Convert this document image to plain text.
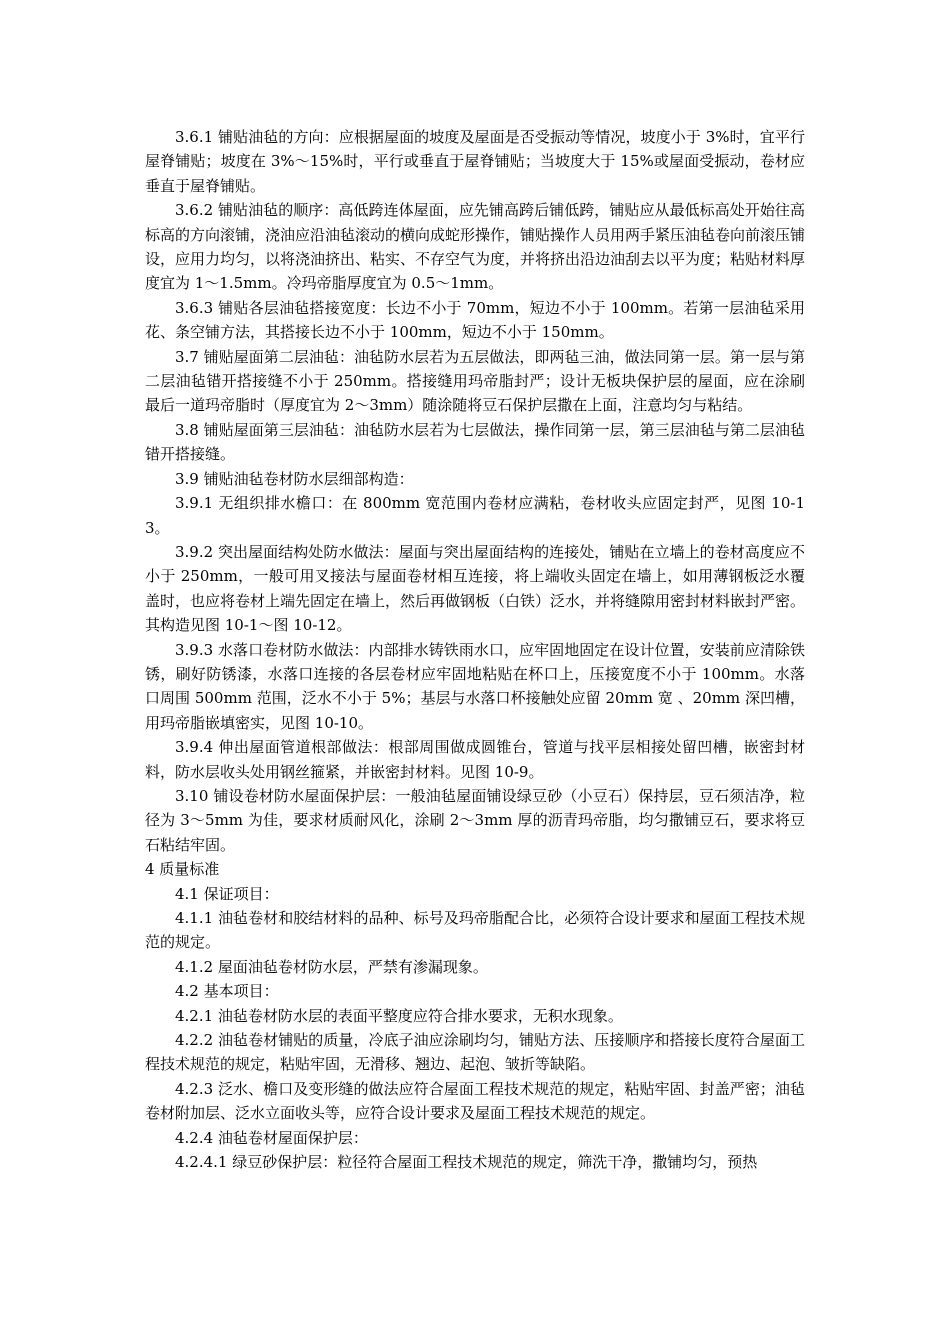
3.6.1 铺贴油毡的方向：应根据屋面的坡度及屋面是否受振动等情况，坡度小于 3%时，宜平行屋脊铺贴；坡度在 3%～15%时，平行或垂直于屋脊铺贴；当坡度大于 15%或屋面受振动，卷材应垂直于屋脊铺贴。

3.6.2 铺贴油毡的顺序：高低跨连体屋面，应先铺高跨后铺低跨，铺贴应从最低标高处开始往高标高的方向滚铺，浇油应沿油毡滚动的横向成蛇形操作，铺贴操作人员用两手紧压油毡卷向前滚压铺设，应用力均匀，以将浇油挤出、粘实、不存空气为度，并将挤出沿边油刮去以平为度；粘贴材料厚度宜为 1～1.5mm。冷玛帝脂厚度宜为 0.5～1mm。

3.6.3 铺贴各层油毡搭接宽度：长边不小于 70mm，短边不小于 100mm。若第一层油毡采用花、条空铺方法，其搭接长边不小于 100mm，短边不小于 150mm。

3.7 铺贴屋面第二层油毡：油毡防水层若为五层做法，即两毡三油，做法同第一层。第一层与第二层油毡错开搭接缝不小于 250mm。搭接缝用玛帝脂封严；设计无板块保护层的屋面，应在涂刷最后一道玛帝脂时（厚度宜为 2～3mm）随涂随将豆石保护层撒在上面，注意均匀与粘结。

3.8 铺贴屋面第三层油毡：油毡防水层若为七层做法，操作同第一层，第三层油毡与第二层油毡错开搭接缝。

3.9 铺贴油毡卷材防水层细部构造：

3.9.1 无组织排水檐口：在 800mm 宽范围内卷材应满粘，卷材收头应固定封严，见图 10-13。

3.9.2 突出屋面结构处防水做法：屋面与突出屋面结构的连接处，铺贴在立墙上的卷材高度应不小于 250mm，一般可用叉接法与屋面卷材相互连接，将上端收头固定在墙上，如用薄钢板泛水覆盖时，也应将卷材上端先固定在墙上，然后再做钢板（白铁）泛水，并将缝隙用密封材料嵌封严密。其构造见图 10-1～图 10-12。

3.9.3 水落口卷材防水做法：内部排水铸铁雨水口，应牢固地固定在设计位置，安装前应清除铁锈，刷好防锈漆，水落口连接的各层卷材应牢固地粘贴在杯口上，压接宽度不小于 100mm。水落口周围 500mm 范围，泛水不小于 5%；基层与水落口杯接触处应留 20mm 宽 、20mm 深凹槽，用玛帝脂嵌填密实，见图 10-10。

3.9.4 伸出屋面管道根部做法：根部周围做成圆锥台，管道与找平层相接处留凹槽，嵌密封材料，防水层收头处用钢丝箍紧，并嵌密封材料。见图 10-9。

3.10 铺设卷材防水屋面保护层：一般油毡屋面铺设绿豆砂（小豆石）保持层，豆石须洁净，粒径为 3～5mm 为佳，要求材质耐风化，涂刷 2～3mm 厚的沥青玛帝脂，均匀撒铺豆石，要求将豆石粘结牢固。

4 质量标准

4.1 保证项目：

4.1.1 油毡卷材和胶结材料的品种、标号及玛帝脂配合比，必须符合设计要求和屋面工程技术规范的规定。

4.1.2 屋面油毡卷材防水层，严禁有渗漏现象。

4.2 基本项目：

4.2.1 油毡卷材防水层的表面平整度应符合排水要求，无积水现象。

4.2.2 油毡卷材铺贴的质量，冷底子油应涂刷均匀，铺贴方法、压接顺序和搭接长度符合屋面工程技术规范的规定，粘贴牢固，无滑移、翘边、起泡、皱折等缺陷。

4.2.3 泛水、檐口及变形缝的做法应符合屋面工程技术规范的规定，粘贴牢固、封盖严密；油毡卷材附加层、泛水立面收头等，应符合设计要求及屋面工程技术规范的规定。

4.2.4 油毡卷材屋面保护层：

4.2.4.1 绿豆砂保护层：粒径符合屋面工程技术规范的规定，筛洗干净，撒铺均匀，预热
